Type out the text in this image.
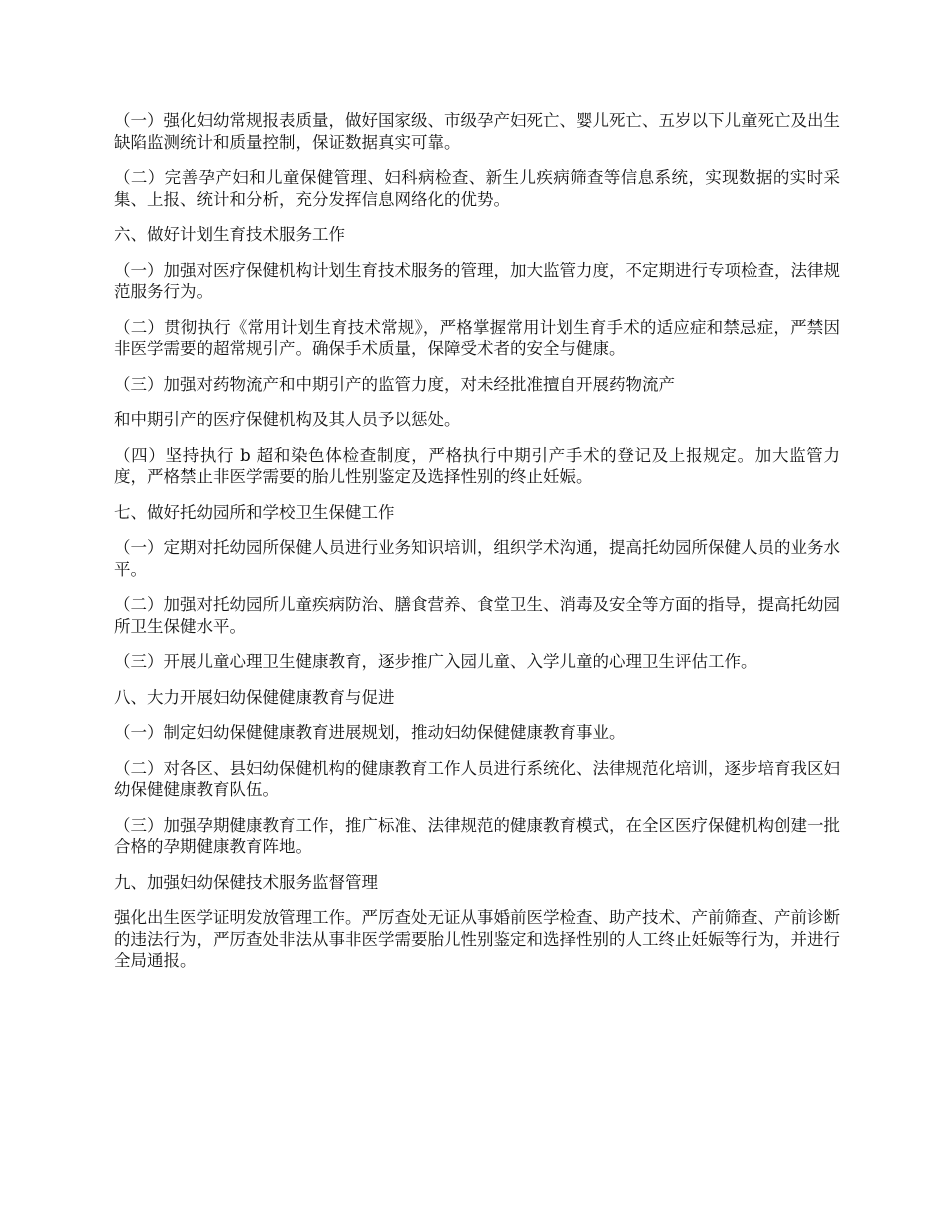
（一）强化妇幼常规报表质量，做好国家级、市级孕产妇死亡、婴儿死亡、五岁以下儿童死亡及出生缺陷监测统计和质量控制，保证数据真实可靠。

（二）完善孕产妇和儿童保健管理、妇科病检查、新生儿疾病筛查等信息系统，实现数据的实时采集、上报、统计和分析，充分发挥信息网络化的优势。

六、做好计划生育技术服务工作

（一）加强对医疗保健机构计划生育技术服务的管理，加大监管力度，不定期进行专项检查，法律规范服务行为。

（二）贯彻执行《常用计划生育技术常规》，严格掌握常用计划生育手术的适应症和禁忌症，严禁因非医学需要的超常规引产。确保手术质量，保障受术者的安全与健康。

（三）加强对药物流产和中期引产的监管力度，对未经批准擅自开展药物流产

和中期引产的医疗保健机构及其人员予以惩处。

（四）坚持执行 b 超和染色体检查制度，严格执行中期引产手术的登记及上报规定。加大监管力度，严格禁止非医学需要的胎儿性别鉴定及选择性别的终止妊娠。

七、做好托幼园所和学校卫生保健工作

（一）定期对托幼园所保健人员进行业务知识培训，组织学术沟通，提高托幼园所保健人员的业务水平。

（二）加强对托幼园所儿童疾病防治、膳食营养、食堂卫生、消毒及安全等方面的指导，提高托幼园所卫生保健水平。

（三）开展儿童心理卫生健康教育，逐步推广入园儿童、入学儿童的心理卫生评估工作。

八、大力开展妇幼保健健康教育与促进

（一）制定妇幼保健健康教育进展规划，推动妇幼保健健康教育事业。

（二）对各区、县妇幼保健机构的健康教育工作人员进行系统化、法律规范化培训，逐步培育我区妇幼保健健康教育队伍。

（三）加强孕期健康教育工作，推广标准、法律规范的健康教育模式，在全区医疗保健机构创建一批合格的孕期健康教育阵地。

九、加强妇幼保健技术服务监督管理

强化出生医学证明发放管理工作。严厉查处无证从事婚前医学检查、助产技术、产前筛查、产前诊断的违法行为，严厉查处非法从事非医学需要胎儿性别鉴定和选择性别的人工终止妊娠等行为，并进行全局通报。
